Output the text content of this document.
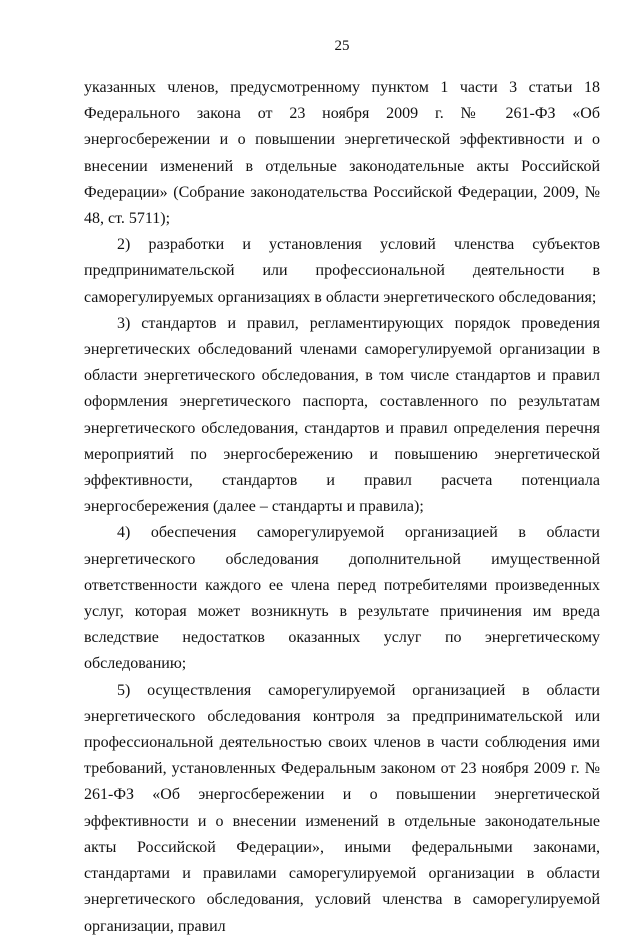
25

указанных членов, предусмотренному пунктом 1 части 3 статьи 18 Федерального закона от 23 ноября 2009 г. № 261-ФЗ «Об энергосбережении и о повышении энергетической эффективности и о внесении изменений в отдельные законодательные акты Российской Федерации» (Собрание законодательства Российской Федерации, 2009, № 48, ст. 5711);

2) разработки и установления условий членства субъектов предпринимательской или профессиональной деятельности в саморегулируемых организациях в области энергетического обследования;

3) стандартов и правил, регламентирующих порядок проведения энергетических обследований членами саморегулируемой организации в области энергетического обследования, в том числе стандартов и правил оформления энергетического паспорта, составленного по результатам энергетического обследования, стандартов и правил определения перечня мероприятий по энергосбережению и повышению энергетической эффективности, стандартов и правил расчета потенциала энергосбережения (далее – стандарты и правила);

4) обеспечения саморегулируемой организацией в области энергетического обследования дополнительной имущественной ответственности каждого ее члена перед потребителями произведенных услуг, которая может возникнуть в результате причинения им вреда вследствие недостатков оказанных услуг по энергетическому обследованию;

5) осуществления саморегулируемой организацией в области энергетического обследования контроля за предпринимательской или профессиональной деятельностью своих членов в части соблюдения ими требований, установленных Федеральным законом от 23 ноября 2009 г. № 261-ФЗ «Об энергосбережении и о повышении энергетической эффективности и о внесении изменений в отдельные законодательные акты Российской Федерации», иными федеральными законами, стандартами и правилами саморегулируемой организации в области энергетического обследования, условий членства в саморегулируемой организации, правил
